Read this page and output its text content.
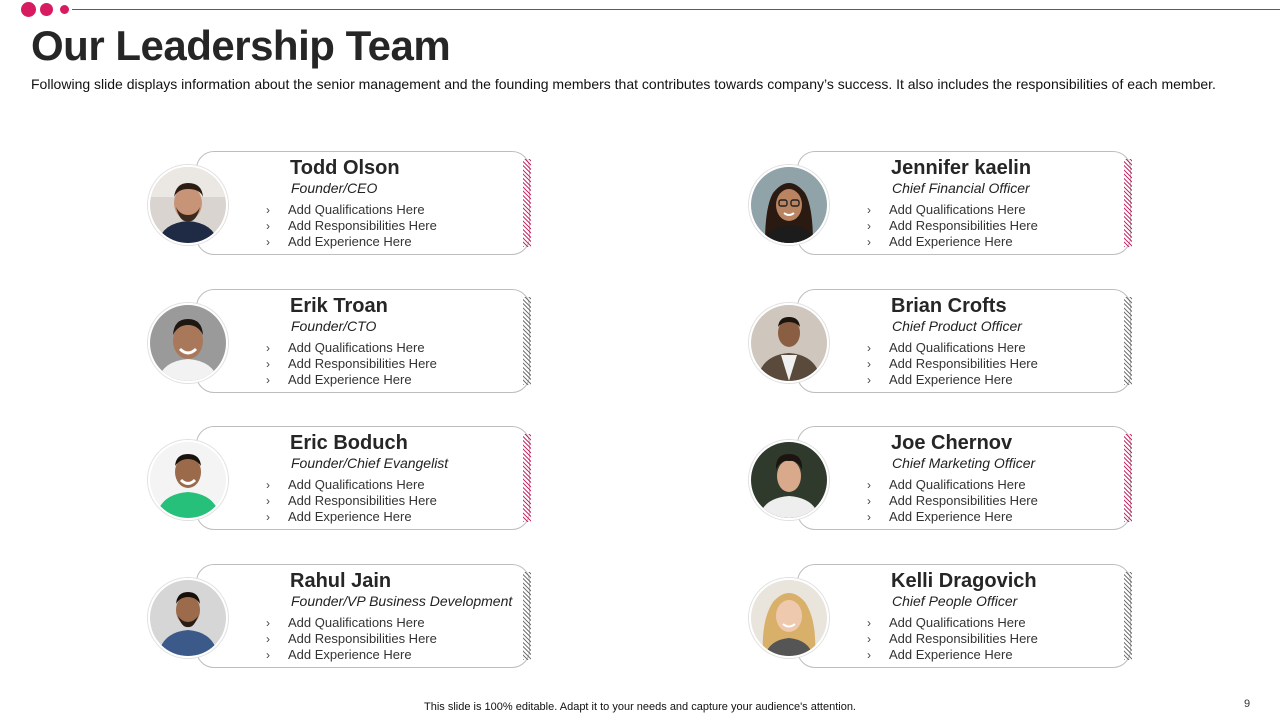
Our Leadership Team

Following slide displays information about the senior management and the founding members that contributes towards company’s success. It also includes the responsibilities of each member.

Todd Olson
Founder/CEO
›	Add Qualifications Here
›	Add Responsibilities Here
›	Add Experience Here
Jennifer kaelin
Chief Financial Officer
›	Add Qualifications Here
›	Add Responsibilities Here
›	Add Experience Here
Erik Troan
Founder/CTO
›	Add Qualifications Here
›	Add Responsibilities Here
›	Add Experience Here
Brian Crofts
Chief Product Officer
›	Add Qualifications Here
›	Add Responsibilities Here
›	Add Experience Here
Eric Boduch
Founder/Chief Evangelist
›	Add Qualifications Here
›	Add Responsibilities Here
›	Add Experience Here
Joe Chernov
Chief Marketing Officer
›	Add Qualifications Here
›	Add Responsibilities Here
›	Add Experience Here
Rahul Jain
Founder/VP Business Development
›	Add Qualifications Here
›	Add Responsibilities Here
›	Add Experience Here
Kelli Dragovich
Chief People Officer
›	Add Qualifications Here
›	Add Responsibilities Here
›	Add Experience Here
This slide is 100% editable. Adapt it to your needs and capture your audience's attention.	9
